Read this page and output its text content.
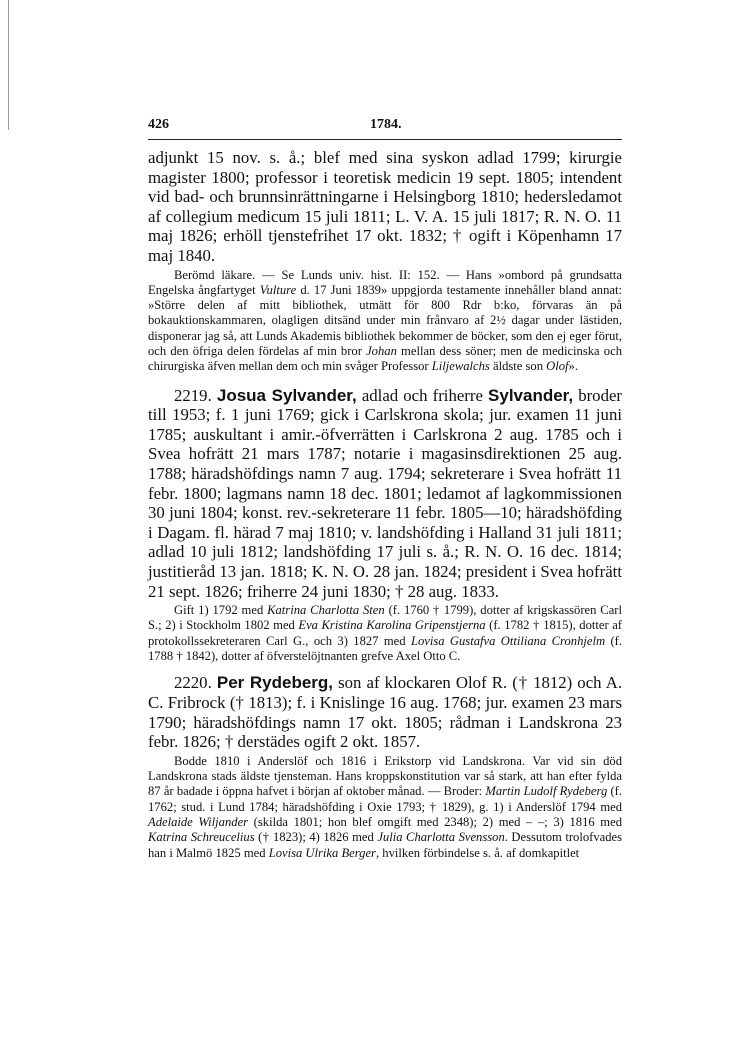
426	1784.

adjunkt 15 nov. s. å.; blef med sina syskon adlad 1799; kirurgie magister 1800; professor i teoretisk medicin 19 sept. 1805; intendent vid bad- och brunnsinrättningarne i Helsingborg 1810; hedersledamot af collegium medicum 15 juli 1811; L. V. A. 15 juli 1817; R. N. O. 11 maj 1826; erhöll tjenstefrihet 17 okt. 1832; † ogift i Köpenhamn 17 maj 1840.

Berömd läkare. — Se Lunds univ. hist. II: 152. — Hans »ombord på grundsatta Engelska ångfartyget Vulture d. 17 Juni 1839» uppgjorda testamente innehåller bland annat: »Större delen af mitt bibliothek, utmätt för 800 Rdr b:ko, förvaras än på bokauktionskammaren, olagligen ditsänd under min frånvaro af 2½ dagar under lästiden, disponerar jag så, att Lunds Akademis bibliothek bekommer de böcker, som den ej eger förut, och den öfriga delen fördelas af min bror Johan mellan dess söner; men de medicinska och chirurgiska äfven mellan dem och min svåger Professor Liljewalchs äldste son Olof».

2219. Josua Sylvander, adlad och friherre Sylvander, broder till 1953; f. 1 juni 1769; gick i Carlskrona skola; jur. examen 11 juni 1785; auskultant i amir.-öfverrätten i Carlskrona 2 aug. 1785 och i Svea hofrätt 21 mars 1787; notarie i magasinsdirektionen 25 aug. 1788; häradshöfdings namn 7 aug. 1794; sekreterare i Svea hofrätt 11 febr. 1800; lagmans namn 18 dec. 1801; ledamot af lagkommissionen 30 juni 1804; konst. rev.-sekreterare 11 febr. 1805—10; häradshöfding i Dagam. fl. härad 7 maj 1810; v. landshöfding i Halland 31 juli 1811; adlad 10 juli 1812; landshöfding 17 juli s. å.; R. N. O. 16 dec. 1814; justitieråd 13 jan. 1818; K. N. O. 28 jan. 1824; president i Svea hofrätt 21 sept. 1826; friherre 24 juni 1830; † 28 aug. 1833.

Gift 1) 1792 med Katrina Charlotta Sten (f. 1760 † 1799), dotter af krigskassören Carl S.; 2) i Stockholm 1802 med Eva Kristina Karolina Gripenstjerna (f. 1782 † 1815), dotter af protokollssekreteraren Carl G., och 3) 1827 med Lovisa Gustafva Ottiliana Cronhjelm (f. 1788 † 1842), dotter af öfverstelöjtnanten grefve Axel Otto C.

2220. Per Rydeberg, son af klockaren Olof R. († 1812) och A. C. Fribrock († 1813); f. i Knislinge 16 aug. 1768; jur. examen 23 mars 1790; häradshöfdings namn 17 okt. 1805; rådman i Landskrona 23 febr. 1826; † derstädes ogift 2 okt. 1857.

Bodde 1810 i Anderslöf och 1816 i Erikstorp vid Landskrona. Var vid sin död Landskrona stads äldste tjensteman. Hans kroppskonstitution var så stark, att han efter fylda 87 år badade i öppna hafvet i början af oktober månad. — Broder: Martin Ludolf Rydeberg (f. 1762; stud. i Lund 1784; häradshöfding i Oxie 1793; † 1829), g. 1) i Anderslöf 1794 med Adelaide Wiljander (skilda 1801; hon blef omgift med 2348); 2) med – –; 3) 1816 med Katrina Schreucelius († 1823); 4) 1826 med Julia Charlotta Svensson. Dessutom trolofvades han i Malmö 1825 med Lovisa Ulrika Berger, hvilken förbindelse s. å. af domkapitlet
